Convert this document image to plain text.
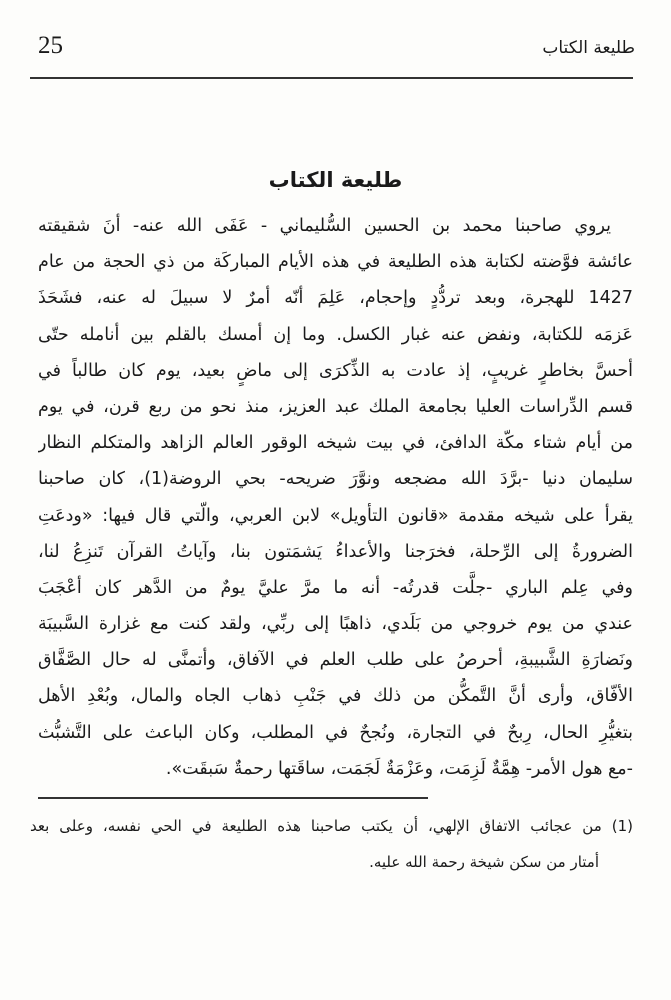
25	طليعة الكتاب
طليعة الكتاب
يروي صاحبنا محمد بن الحسين السُّليماني - عَفَى الله عنه- أنَ شقيقته
عائشة فوَّضته لكتابة هذه الطليعة في هذه الأيام المباركَة من ذي الحجة من عام
1427 للهجرة، وبعد تردُّدٍ وإحجام، عَلِمَ أنّه أمرٌ لا سبيلَ له عنه، فشَحَذَ
عَزمَه للكتابة، ونفض عنه غبار الكسل. وما إن أمسك بالقلم بين أنامله حتّى
أحسَّ بخاطرٍ غريبٍ، إذ عادت به الذِّكرَى إلى ماضٍ بعيد، يوم كان طالباً في
قسم الدِّراسات العليا بجامعة الملك عبد العزيز، منذ نحو من ربع قرن، في يوم
من أيام شتاء مكّة الدافئ، في بيت شيخه الوقور العالم الزاهد والمتكلم النظار
سليمان دنيا -برَّدَ الله مضجعه ونوَّرَ ضريحه- بحي الروضة(1)، كان صاحبنا
يقرأ على شيخه مقدمة «قانون التأويل» لابن العربي، والّتي قال فيها: «ودعَتِ
الضرورةُ إلى الرِّحلة، فخرَجنا والأعداءُ يَشمَتون بنا، وآياتُ القرآن تَنزِعُ لنا،
وفي عِلم الباري -جلَّت قدرتُه- أنه ما مرَّ عليَّ يومٌ من الدَّهر كان أعْجَبَ
عندي من يوم خروجي من بَلَدي، ذاهبًا إلى ربِّي، ولقد كنت مع غزارة السَّبيبَة
ونَضارَةِ الشَّبيبةِ، أحرصُ على طلب العلم في الآفاق، وأتمنَّى له حال الصَّفَّاق
الأفّاق، وأرى أنَّ التَّمكُّن من ذلك في جَنْبِ ذهاب الجاه والمال، وبُعْدِ الأهل
بتغيُّرِ الحال، رِبحٌ في التجارة، ونُجحٌ في المطلب، وكان الباعث على التَّشبُّث
-مع هول الأمر- هِمَّةٌ لَزِمَت، وعَزْمَةٌ لَجَمَت، ساقَتها رحمةٌ سَبقَت».
(1) من عجائب الاتفاق الإلهي، أن يكتب صاحبنا هذه الطليعة في الحي نفسه، وعلى بعد
أمتار من سكن شيخة رحمة الله عليه.
